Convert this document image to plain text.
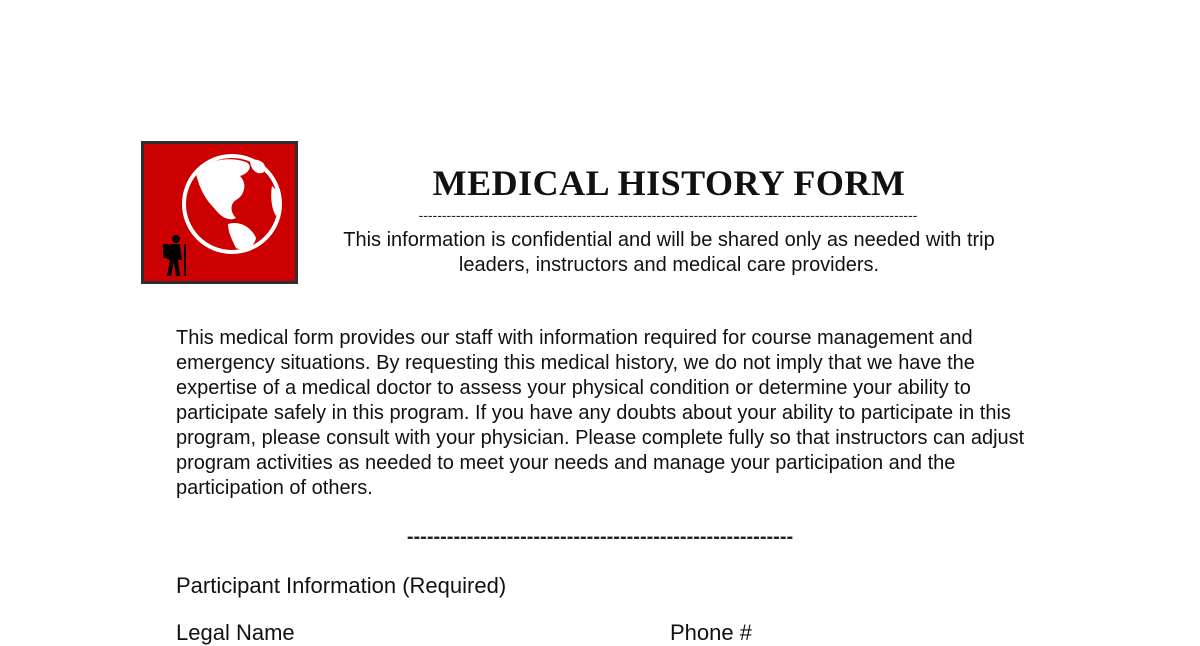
MEDICAL HISTORY FORM
-----------------------------------------------------------------------------------------------------------
This information is confidential and will be shared only as needed with trip leaders, instructors and medical care providers.

This medical form provides our staff with information required for course management and emergency situations. By requesting this medical history, we do not imply that we have the expertise of a medical doctor to assess your physical condition or determine your ability to participate safely in this program. If you have any doubts about your ability to participate in this program, please consult with your physician. Please complete fully so that instructors can adjust program activities as needed to meet your needs and manage your participation and the participation of others.

----------------------------------------------------------
Participant Information (Required)
Legal Name	Phone #
